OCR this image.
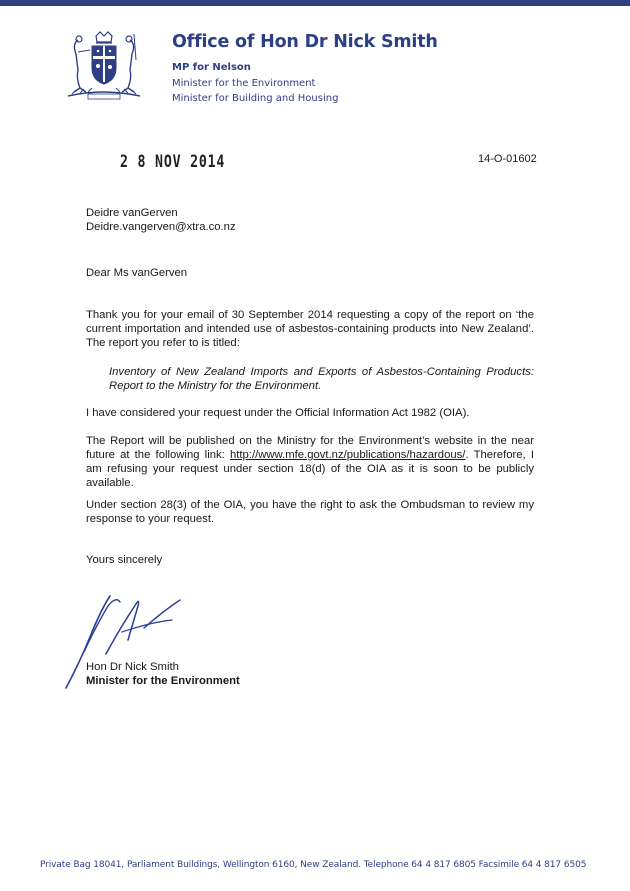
Office of Hon Dr Nick Smith
MP for Nelson
Minister for the Environment
Minister for Building and Housing
2 8 NOV 2014	14-O-01602
Deidre vanGerven
Deidre.vangerven@xtra.co.nz
Dear Ms vanGerven
Thank you for your email of 30 September 2014 requesting a copy of the report on ‘the current importation and intended use of asbestos-containing products into New Zealand’. The report you refer to is titled:
Inventory of New Zealand Imports and Exports of Asbestos-Containing Products: Report to the Ministry for the Environment.
I have considered your request under the Official Information Act 1982 (OIA).
The Report will be published on the Ministry for the Environment’s website in the near future at the following link: http://www.mfe.govt.nz/publications/hazardous/. Therefore, I am refusing your request under section 18(d) of the OIA as it is soon to be publicly available.
Under section 28(3) of the OIA, you have the right to ask the Ombudsman to review my response to your request.
Yours sincerely
Hon Dr Nick Smith
Minister for the Environment
Private Bag 18041, Parliament Buildings, Wellington 6160, New Zealand. Telephone 64 4 817 6805 Facsimile 64 4 817 6505
